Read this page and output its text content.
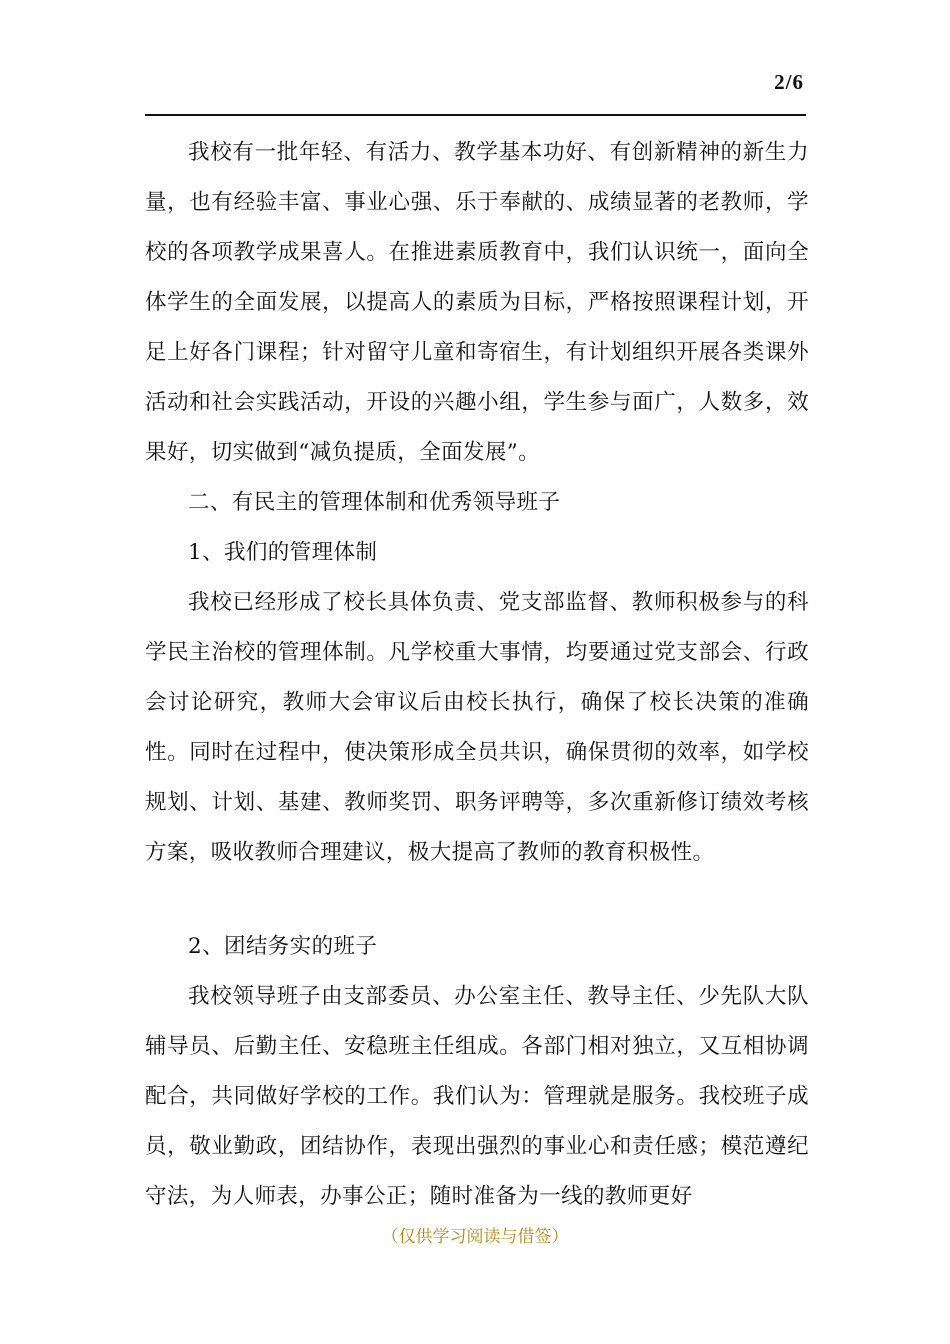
2/6

我校有一批年轻、有活力、教学基本功好、有创新精神的新生力量，也有经验丰富、事业心强、乐于奉献的、成绩显著的老教师，学校的各项教学成果喜人。在推进素质教育中，我们认识统一，面向全体学生的全面发展，以提高人的素质为目标，严格按照课程计划，开足上好各门课程；针对留守儿童和寄宿生，有计划组织开展各类课外活动和社会实践活动，开设的兴趣小组，学生参与面广，人数多，效果好，切实做到“减负提质，全面发展”。

二、有民主的管理体制和优秀领导班子

1、我们的管理体制

我校已经形成了校长具体负责、党支部监督、教师积极参与的科学民主治校的管理体制。凡学校重大事情，均要通过党支部会、行政会讨论研究，教师大会审议后由校长执行，确保了校长决策的准确性。同时在过程中，使决策形成全员共识，确保贯彻的效率，如学校规划、计划、基建、教师奖罚、职务评聘等，多次重新修订绩效考核方案，吸收教师合理建议，极大提高了教师的教育积极性。

2、团结务实的班子

我校领导班子由支部委员、办公室主任、教导主任、少先队大队辅导员、后勤主任、安稳班主任组成。各部门相对独立，又互相协调配合，共同做好学校的工作。我们认为：管理就是服务。我校班子成员，敬业勤政，团结协作，表现出强烈的事业心和责任感；模范遵纪守法，为人师表，办事公正；随时准备为一线的教师更好

（仅供学习阅读与借签）
